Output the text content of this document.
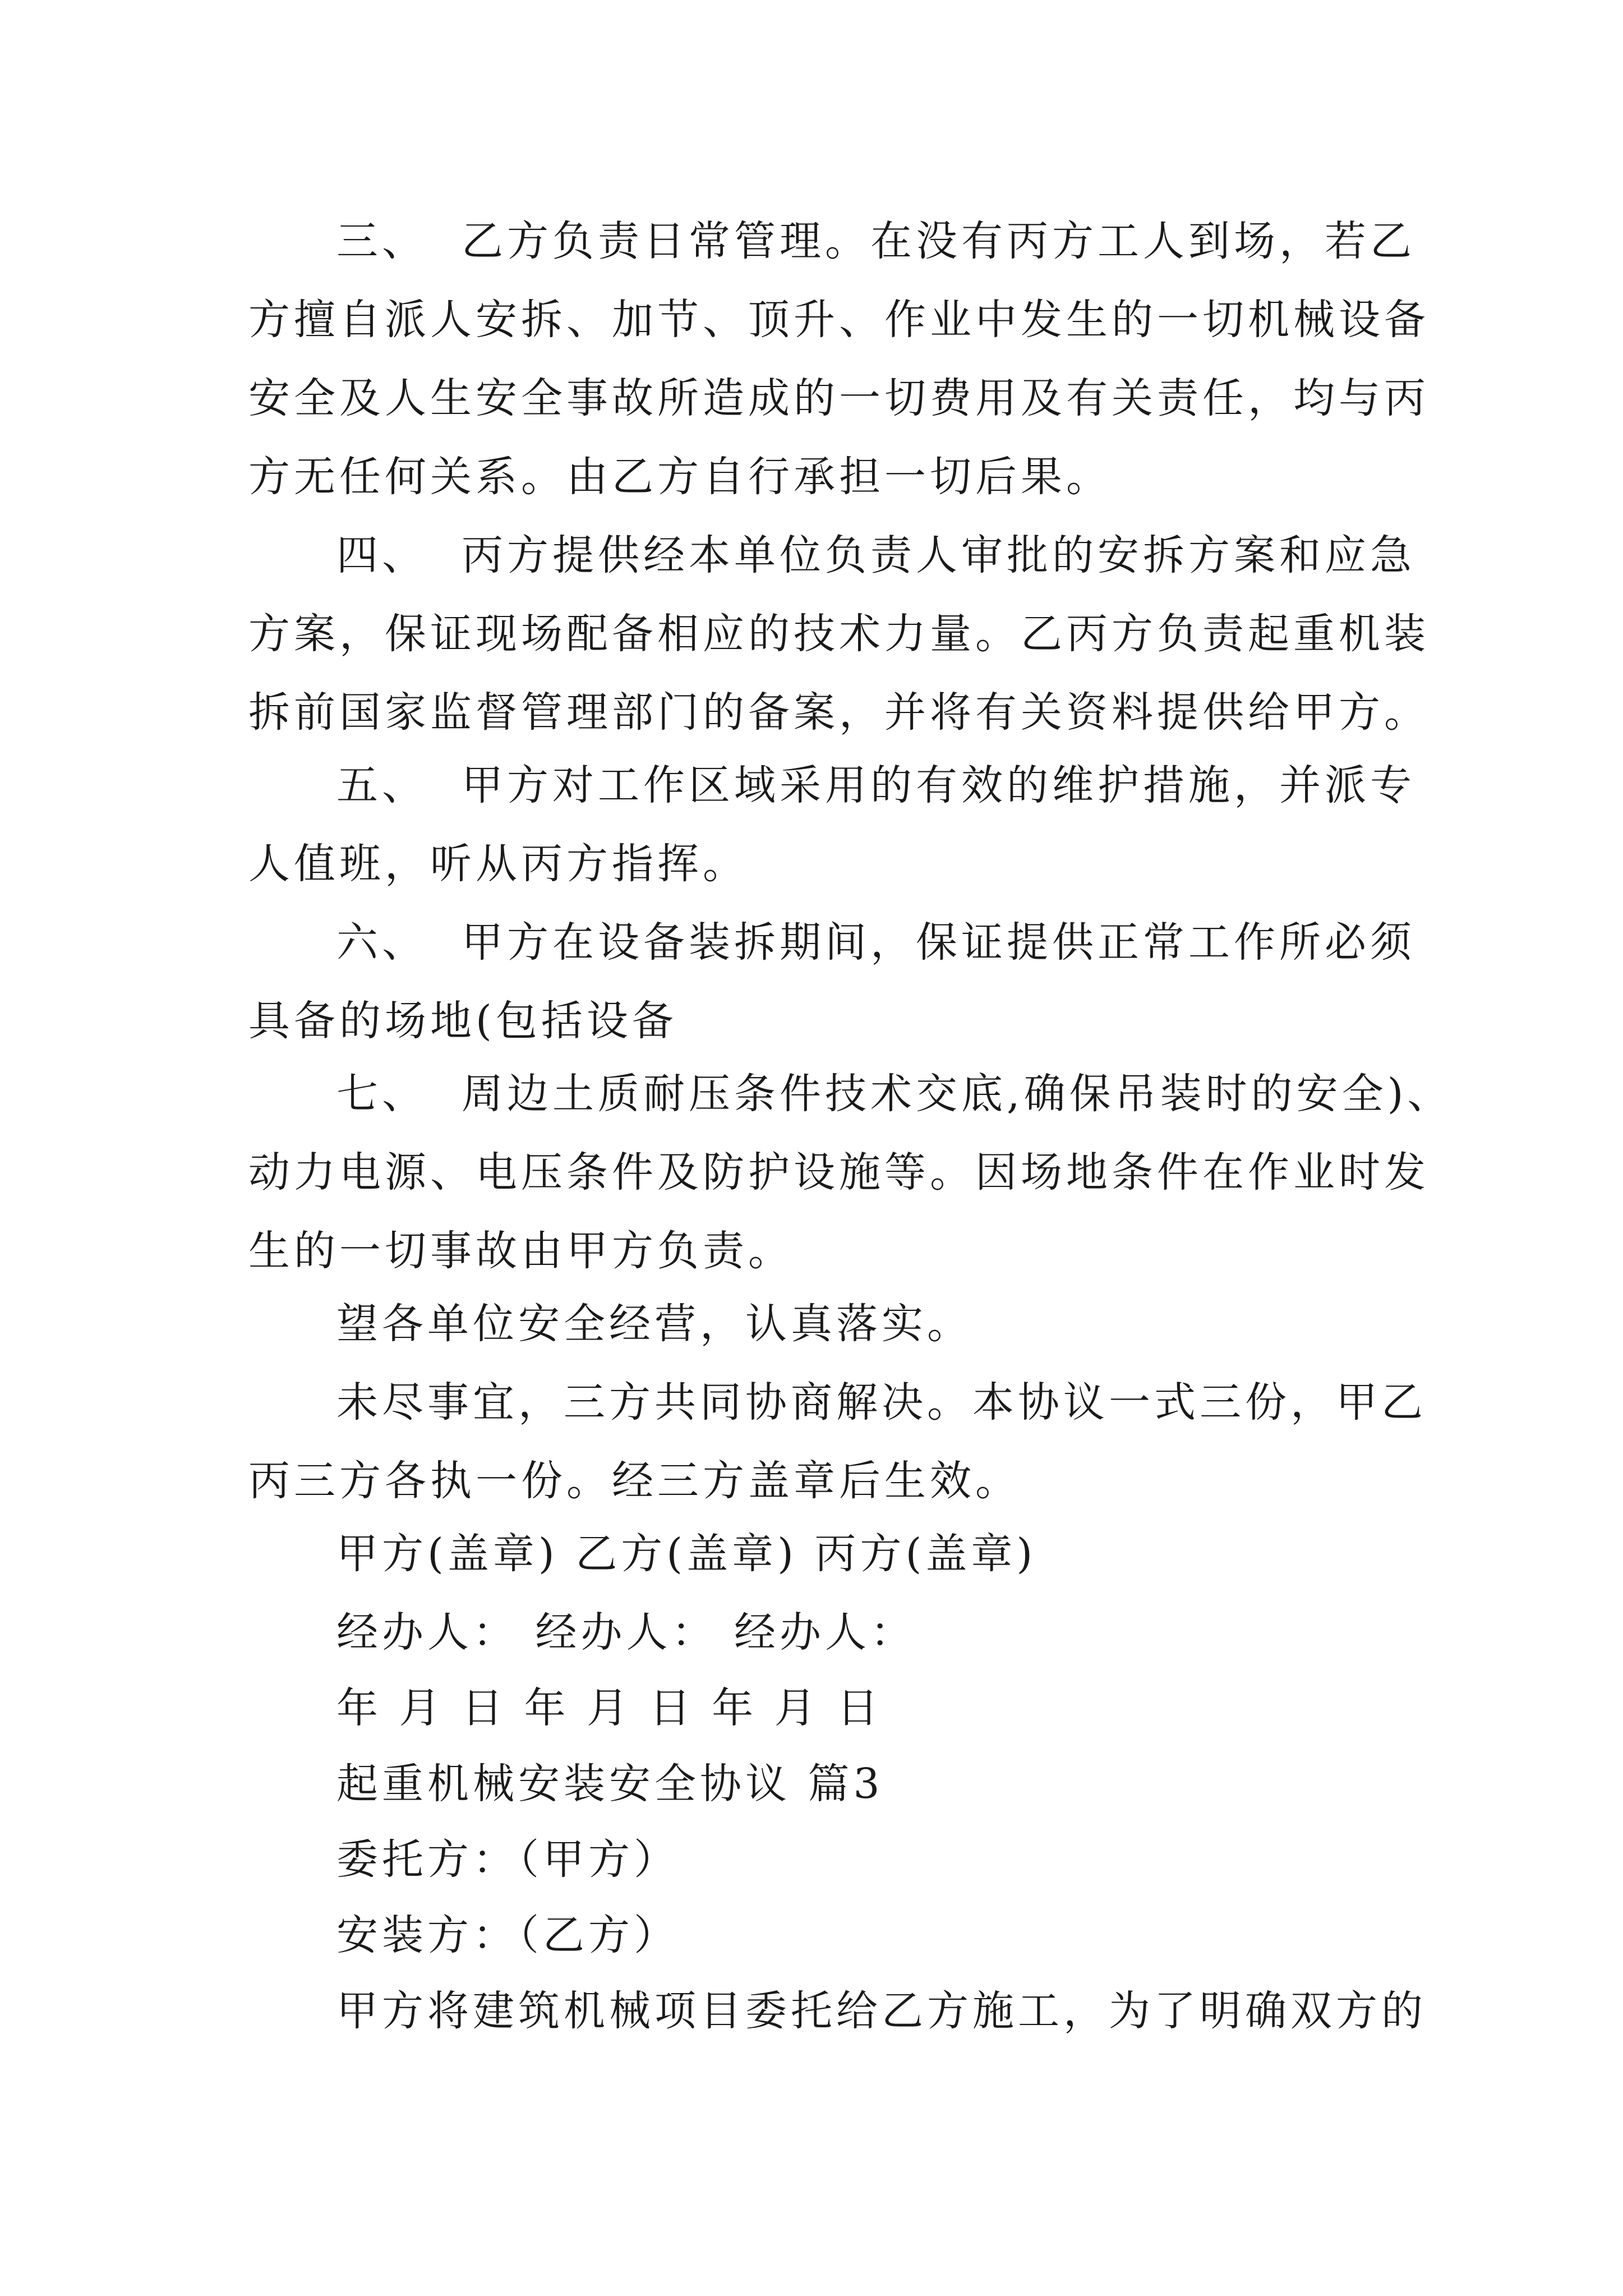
三、  乙方负责日常管理。在没有丙方工人到场，若乙

方擅自派人安拆、加节、顶升、作业中发生的一切机械设备

安全及人生安全事故所造成的一切费用及有关责任，均与丙

方无任何关系。由乙方自行承担一切后果。

四、  丙方提供经本单位负责人审批的安拆方案和应急

方案，保证现场配备相应的技术力量。乙丙方负责起重机装

拆前国家监督管理部门的备案，并将有关资料提供给甲方。

五、  甲方对工作区域采用的有效的维护措施，并派专

人值班，听从丙方指挥。

六、  甲方在设备装拆期间，保证提供正常工作所必须

具备的场地(包括设备

七、  周边土质耐压条件技术交底,确保吊装时的安全)、

动力电源、电压条件及防护设施等。因场地条件在作业时发

生的一切事故由甲方负责。

望各单位安全经营，认真落实。

未尽事宜，三方共同协商解决。本协议一式三份，甲乙

丙三方各执一份。经三方盖章后生效。

甲方(盖章) 乙方(盖章) 丙方(盖章)

经办人： 经办人： 经办人：

年 月 日 年 月 日 年 月 日

起重机械安装安全协议 篇3

委托方：（甲方）

安装方：（乙方）

甲方将建筑机械项目委托给乙方施工，为了明确双方的
